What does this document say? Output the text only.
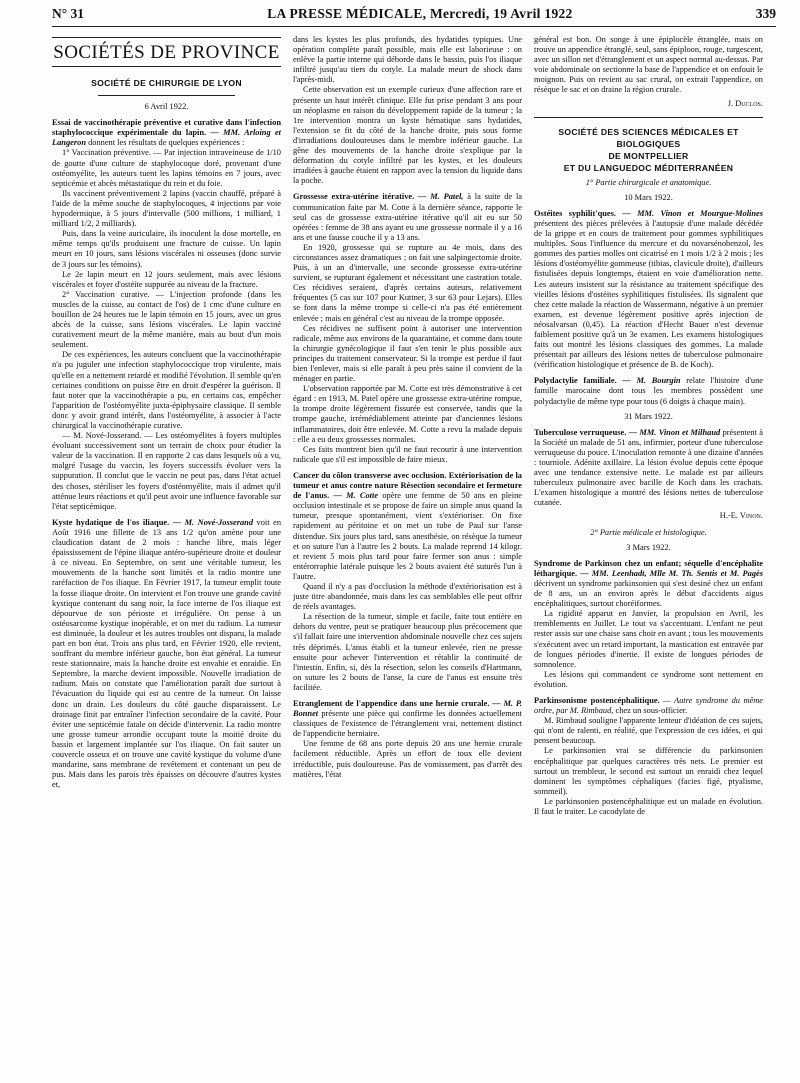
N° 31	LA PRESSE MÉDICALE, Mercredi, 19 Avril 1922	339
SOCIÉTÉS DE PROVINCE
SOCIÉTÉ DE CHIRURGIE DE LYON
6 Avril 1922.

Essai de vaccinothérapie préventive et curative dans l'infection staphylococcique expérimentale du lapin. — MM. Arloing et Langeron donnent les résultats de quelques expériences :

1° Vaccination préventive. — Par injection intraveineuse de 1/10 de goutte d'une culture de staphylocoque doré, provenant d'une ostéomyélite, les auteurs tuent les lapins témoins en 7 jours, avec septicémie et abcès métastatique du rein et du foie.

Ils vaccinent préventivement 2 lapins (vaccin chauffé, préparé à l'aide de la même souche de staphylocoques, 4 injections par voie hypodermique, à 5 jours d'intervalle (500 millions, 1 milliard, 1 milliard 1/2, 2 milliards).

Puis, dans la veine auriculaire, ils inoculent la dose mortelle, en même temps qu'ils produisent une fracture de cuisse. Un lapin meurt en 10 jours, sans lésions viscérales ni osseuses (donc survie de 3 jours sur les témoins).

Le 2e lapin meurt en 12 jours seulement, mais avec lésions viscérales et foyer d'ostéite suppurée au niveau de la fracture.

2° Vaccination curative. — L'injection profonde (dans les muscles de la cuisse, au contact de l'os) de 1 cmc d'une culture en bouillon de 24 heures tue le lapin témoin en 15 jours, avec un gros abcès de la cuisse, sans lésions viscérales. Le lapin vacciné curativement meurt de la même manière, mais au bout d'un mois seulement.

De ces expériences, les auteurs concluent que la vaccinothérapie n'a pu juguler une infection staphylococcique trop virulente, mais qu'elle en a nettement retardé et modifié l'évolution. Il semble qu'en certaines conditions on puisse être en droit d'espérer la guérison. Il faut noter que la vaccinothérapie a pu, en certains cas, empêcher l'apparition de l'ostéomyélite juxta-épiphysaire classique. Il semble donc y avoir grand intérêt, dans l'ostéomyélite, à associer à l'acte chirurgical la vaccinothérapie curative.

— M. Nové-Josserand. — Les ostéomyélites à foyers multiples évoluant successivement sont un terrain de choix pour étudier la valeur de la vaccination. Il en rapporte 2 cas dans lesquels où a vu, malgré l'usage du vaccin, les foyers successifs évoluer vers la suppuration. Il conclut que le vaccin ne peut pas, dans l'état actuel des choses, stériliser les foyers d'ostéomyélite, mais il admet qu'il atténue leurs réactions et qu'il peut avoir une influence favorable sur l'état septicémique.

Kyste hydatique de l'os iliaque. — M. Nové-Josserand voit en Août 1916 une fillette de 13 ans 1/2 qu'on amène pour une claudication datant de 2 mois : hanche libre, mais léger épaississement de l'épine iliaque antéro-supérieure droite et douleur à ce niveau. En Septembre, on sent une véritable tumeur, les mouvements de la hanche sont limités et la radio montre une raréfaction de l'os iliaque. En Février 1917, la tumeur emplit toute la fosse iliaque droite. On intervient et l'on trouve une grande cavité kystique contenant du sang noir, la face interne de l'os iliaque est dépourvue de son périoste et irrégulière. On pense à un ostéosarcome kystique inopérable, et on met du radium. La tumeur est diminuée, la douleur et les autres troubles ont disparu, la malade part en bon état. Trois ans plus tard, en Février 1920, elle revient, souffrant du membre inférieur gauche, bon état général. La tumeur reste stationnaire, mais la hanche droite est envahie et enraidie. En Septembre, la marche devient impossible. Nouvelle irradiation de radium. Mais on constate que l'amélioration paraît due surtout à l'évacuation du liquide qui est au centre de la tumeur. On laisse donc un drain. Les douleurs du côté gauche disparaissent. Le drainage finit par entraîner l'infection secondaire de la cavité. Pour éviter une septicémie fatale on décide d'intervenir. La radio montre une grosse tumeur arrondie occupant toute la moitié droite du bassin et largement implantée sur l'os iliaque. On fait sauter un couvercle osseux et on trouve une cavité kystique du volume d'une mandarine, sans membrane de revêtement et contenant un peu de pus. Mais dans les parois très épaisses on découvre d'autres kystes et,

dans les kystes les plus profonds, des hydatides typiques. Une opération complète paraît possible, mais elle est laborieuse : on enlève la partie interne qui déborde dans le bassin, puis l'os iliaque infiltré jusqu'au tiers du cotyle. La malade meurt de shock dans l'après-midi.

Cette observation est un exemple curieux d'une affection rare et présente un haut intérêt clinique. Elle fut prise pendant 3 ans pour un néoplasme en raison du développement rapide de la tumeur ; la 1re intervention montra un kyste hématique sans hydatides, l'extension se fit du côté de la hanche droite, puis sous forme d'irradiations douloureuses dans le membre inférieur gauche. La gêne des mouvements de la hanche droite s'explique par la déformation du cotyle infiltré par les kystes, et les douleurs irradiées à gauche étaient en rapport avec la tension du liquide dans la poche.

Grossesse extra-utérine itérative. — M. Patel, à la suite de la communication faite par M. Cotte à la dernière séance, rapporte le seul cas de grossesse extra-utérine itérative qu'il ait eu sur 50 opérées : femme de 38 ans ayant eu une grossesse normale il y a 16 ans et une fausse couche il y a 13 ans.

En 1920, grossesse qui se rupture au 4e mois, dans des circonstances assez dramatiques ; on fait une salpingectomie droite. Puis, à un an d'intervalle, une seconde grossesse extra-utérine survient, se rupturant également et nécessitant une castration totale. Ces récidives seraient, d'après certains auteurs, relativement fréquentes (5 cas sur 107 pour Kuttner, 3 sur 63 pour Lejars). Elles se font dans la même trompe si celle-ci n'a pas été entièrement enlevée ; mais en général c'est au niveau de la trompe opposée.

Ces récidives ne suffisent point à autoriser une intervention radicale, même aux environs de la quarantaine, et comme dans toute la chirurgie gynécologique il faut s'en tenir le plus possible aux principes du traitement conservateur. Si la trompe est perdue il faut bien l'enlever, mais si elle paraît à peu près saine il convient de la ménager en partie.

L'observation rapportée par M. Cotte est très démonstrative à cet égard : en 1913, M. Patel opère une grossesse extra-utérine rompue, la trompe droite légèrement fissurée est conservée, tandis que la trompe gauche, irrémédiablement atteinte par d'anciennes lésions inflammatoires, doit être enlevée. M. Cotte a revu la malade depuis : elle a eu deux grossesses normales.

Ces faits montrent bien qu'il ne faut recourir à une intervention radicale que s'il est impossible de faire mieux.

Cancer du côlon transverse avec occlusion. Extériorisation de la tumeur et anus contre nature Résection secondaire et fermeture de l'anus. — M. Cotte opère une femme de 50 ans en pleine occlusion intestinale et se propose de faire un simple anus quand la tumeur, presque spontanément, vient s'extérioriser. On fixe rapidement au péritoine et on met un tube de Paul sur l'anse distendue. Six jours plus tard, sans anesthésie, on résèque la tumeur et on suture l'un à l'autre les 2 bouts. La malade reprend 14 kilogr. et revient 5 mois plus tard pour faire fermer son anus : simple entérorraphie latérale puisque les 2 bouts avaient été suturés l'un à l'autre.

Quand il n'y a pas d'occlusion la méthode d'extériorisation est à juste titre abandonnée, mais dans les cas semblables elle peut offrir de réels avantages.

La résection de la tumeur, simple et facile, faite tout entière en dehors du ventre, peut se pratiquer beaucoup plus précocement que s'il fallait faire une intervention abdominale nouvelle chez ces sujets très déprimés. L'anus établi et la tumeur enlevée, rien ne presse ensuite pour achever l'intervention et rétablir la continuité de l'intestin. Enfin, si, dès la résection, selon les conseils d'Hartmann, on suture les 2 bouts de l'anse, la cure de l'anus est ensuite très facilitée.

Etranglement de l'appendice dans une hernie crurale. — M. P. Bonnet présente une pièce qui confirme les données actuellement classiques de l'existence de l'étranglement vrai, nettement distinct de l'appendicite herniaire.

Une femme de 68 ans porte depuis 20 ans une hernie crurale facilement réductible. Après un effort de toux elle devient irréductible, puis douloureuse. Pas de vomissement, pas d'arrêt des matières, l'état

général est bon. On songe à une épiplocèle étranglée, mais on trouve un appendice étranglé, seul, sans épiploon, rouge, turgescent, avec un sillon net d'étranglement et un aspect normal au-dessus. Par voie abdominale on sectionne la base de l'appendice et on enfouit le moignon. Puis on revient au sac crural, on extrait l'appendice, on résèque le sac et on draine la région crurale.

J. Duclos.
SOCIÉTÉ DES SCIENCES MÉDICALES ET BIOLOGIQUES
DE MONTPELLIER
ET DU LANGUEDOC MÉDITERRANÉEN
1° Partie chirurgicale et anatomique.
10 Mars 1922.

Ostéites syphilit'ques. — MM. Vinon et Mourgue-Molines présentent des pièces prélevées à l'autopsie d'une malade décédée de la grippe et en cours de traitement pour gommes syphilitiques multiples. Sous l'influence du mercure et du novarsénobenzol, les gommes des parties molles ont cicatrisé en 1 mois 1/2 à 2 mois ; les lésions d'ostéomyélite gommeuse (tibias, clavicule droite), d'ailleurs fistulisées depuis longtemps, étaient en voie d'amélioration nette. Les auteurs insistent sur la résistance au traitement spécifique des vieilles lésions d'ostéites syphilitiques fistulisées. Ils signalent que chez cette malade la réaction de Wassermann, négative à un premier examen, est devenue légèrement positive après injection de néosalvarsan (0,45). La réaction d'Hecht Bauer n'est devenue faiblement positive qu'à un 3e examen. Les examens histologiques faits out montré les lésions classiques des gommes. La malade présentait par ailleurs des lésions nettes de tuberculose pulmonaire (vérification histologique et présence de B. de Koch).

Polydactylie familiale. — M. Bourgin relate l'histoire d'une famille marocaine dont tous les membres possèdent une polydactylie de même type pour tous (6 doigts à chaque main).

31 Mars 1922.

Tuberculose verruqueuse. — MM. Vinon et Milhaud présentent à la Société un malade de 51 ans, infirmier, porteur d'une tuberculose verruqueuse du pouce. L'inoculation remonte à une dizaine d'années : tourniole. Adénite axillaire. La lésion évolue depuis cette époque avec une tendance extensive nette. Le malade est par ailleurs tuberculeux pulmonaire avec bacille de Koch dans les crachats. L'examen histologique a montré des lésions nettes de tuberculose cutanée.

H.-E. Vinon.
2° Partie médicale et histologique.
3 Mars 1922.

Syndrome de Parkinson chez un enfant; séquelle d'encéphalite léthargique. — MM. Leenhadt, Mlle M. Th. Sentis et M. Pagès décrivent un syndrome parkinsonien qui s'est desiné chez un enfant de 8 ans, un an environ après le début d'accidents aigus encéphalitiques, surtout choréiformes.

La rigidité apparut en Janvier, la propulsion en Avril, les tremblements en Juillet. Le tout va s'accentuant. L'enfant ne peut rester assis sur une chaise sans choir en avant ; tous les mouvements s'exécutent avec un retard important, la mastication est entravée par de longues périodes d'inertie. Il existe de longues périodes de somnolence.

Les lésions qui commandent ce syndrome sont nettement en évolution.

Parkinsonisme postencéphalitique. — Autre syndrome du même ordre, par M. Rimbaud, chez un sous-officier.

M. Rimbaud souligne l'apparente lenteur d'idéation de ces sujets, qui n'ont de ralenti, en réalité, que l'expression de ces idées, et qui pensent beaucoup.

Le parkinsonien vrai se différencie du parkinsonien encéphalitique par quelques caractères très nets. Le premier est surtout un trembleur, le second est surtout un enraidi chez lequel dominent les symptômes céphaliques (facies figé, ptyalisme, sommeil).

Le parkinsonien postencéphalitique est un malade en évolution. Il faut le traiter. Le cacodylate de
